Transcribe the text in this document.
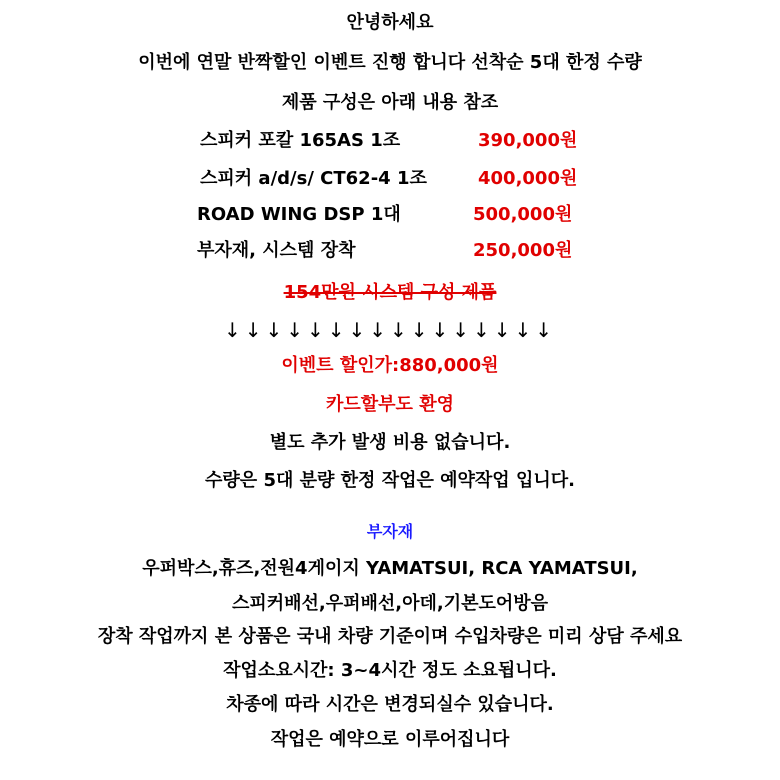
안녕하세요
이번에 연말 반짝할인 이벤트 진행 합니다 선착순 5대 한정 수량
제품 구성은 아래 내용 참조
스피커 포칼 165AS 1조	390,000원
스피커 a/d/s/ CT62-4 1조	400,000원
ROAD WING DSP 1대	500,000원
부자재, 시스템 장착	250,000원
154만원 시스템 구성 제품
↓↓↓↓↓↓↓↓↓↓↓↓↓↓↓↓
이벤트 할인가:880,000원
카드할부도 환영
별도 추가 발생 비용 없습니다.
수량은 5대 분량 한정 작업은 예약작업 입니다.
부자재
우퍼박스,휴즈,전원4게이지 YAMATSUI, RCA YAMATSUI,
스피커배선,우퍼배선,아데,기본도어방음
장착 작업까지 본 상품은 국내 차량 기준이며 수입차량은 미리 상담 주세요
작업소요시간: 3~4시간 정도 소요됩니다.
차종에 따라 시간은 변경되실수 있습니다.
작업은 예약으로 이루어집니다
